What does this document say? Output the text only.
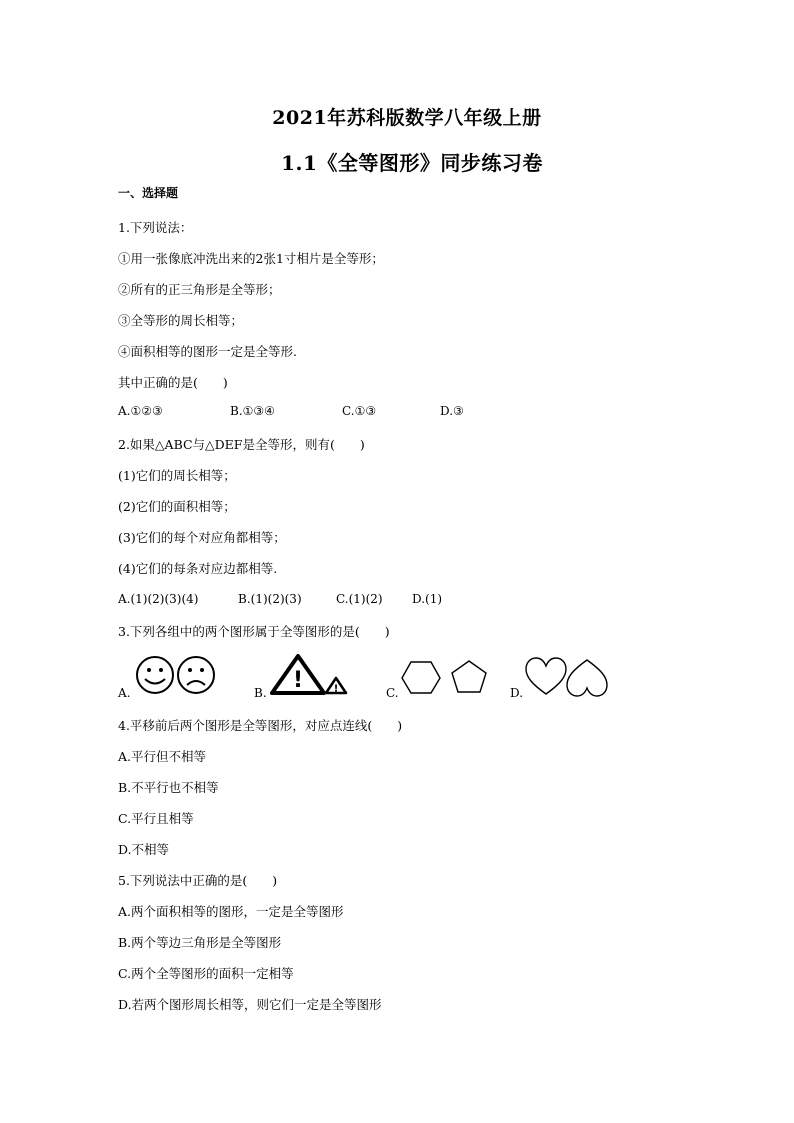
2021年苏科版数学八年级上册
1.1《全等图形》同步练习卷
一、选择题
1.下列说法：
①用一张像底冲洗出来的2张1寸相片是全等形；
②所有的正三角形是全等形；
③全等形的周长相等；
④面积相等的图形一定是全等形.
其中正确的是(　　)
A.①②③	B.①③④	C.①③	D.③
2.如果△ABC与△DEF是全等形，则有(　　)
(1)它们的周长相等；
(2)它们的面积相等；
(3)它们的每个对应角都相等；
(4)它们的每条对应边都相等.
A.(1)(2)(3)(4)	B.(1)(2)(3)	C.(1)(2) D.(1)
3.下列各组中的两个图形属于全等图形的是(　　)
A.	B. !	!	C.	D.
4.平移前后两个图形是全等图形，对应点连线(　　)
A.平行但不相等
B.不平行也不相等
C.平行且相等
D.不相等
5.下列说法中正确的是(　　)
A.两个面积相等的图形，一定是全等图形
B.两个等边三角形是全等图形
C.两个全等图形的面积一定相等
D.若两个图形周长相等，则它们一定是全等图形
